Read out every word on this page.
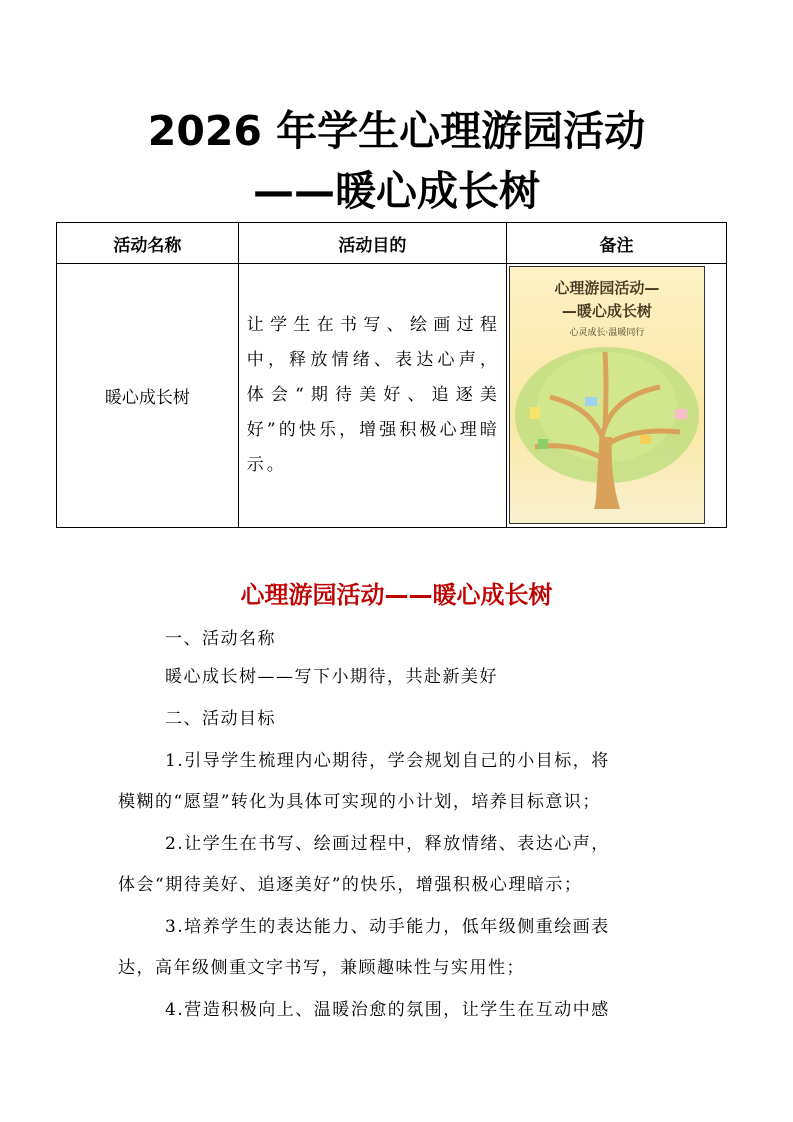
2026 年学生心理游园活动
——暖心成长树
活动名称	活动目的	备注
暖心成长树	让学生在书写、绘画过程中，释放情绪、表达心声，体会“期待美好、追逐美好”的快乐，增强积极心理暗示。	心理游园活动—
—暖心成长树
心灵成长·温暖同行
心理游园活动——暖心成长树
一、活动名称
暖心成长树——写下小期待，共赴新美好
二、活动目标
1.引导学生梳理内心期待，学会规划自己的小目标，将
模糊的“愿望”转化为具体可实现的小计划，培养目标意识；
2.让学生在书写、绘画过程中，释放情绪、表达心声，
体会“期待美好、追逐美好”的快乐，增强积极心理暗示；
3.培养学生的表达能力、动手能力，低年级侧重绘画表
达，高年级侧重文字书写，兼顾趣味性与实用性；
4.营造积极向上、温暖治愈的氛围，让学生在互动中感
